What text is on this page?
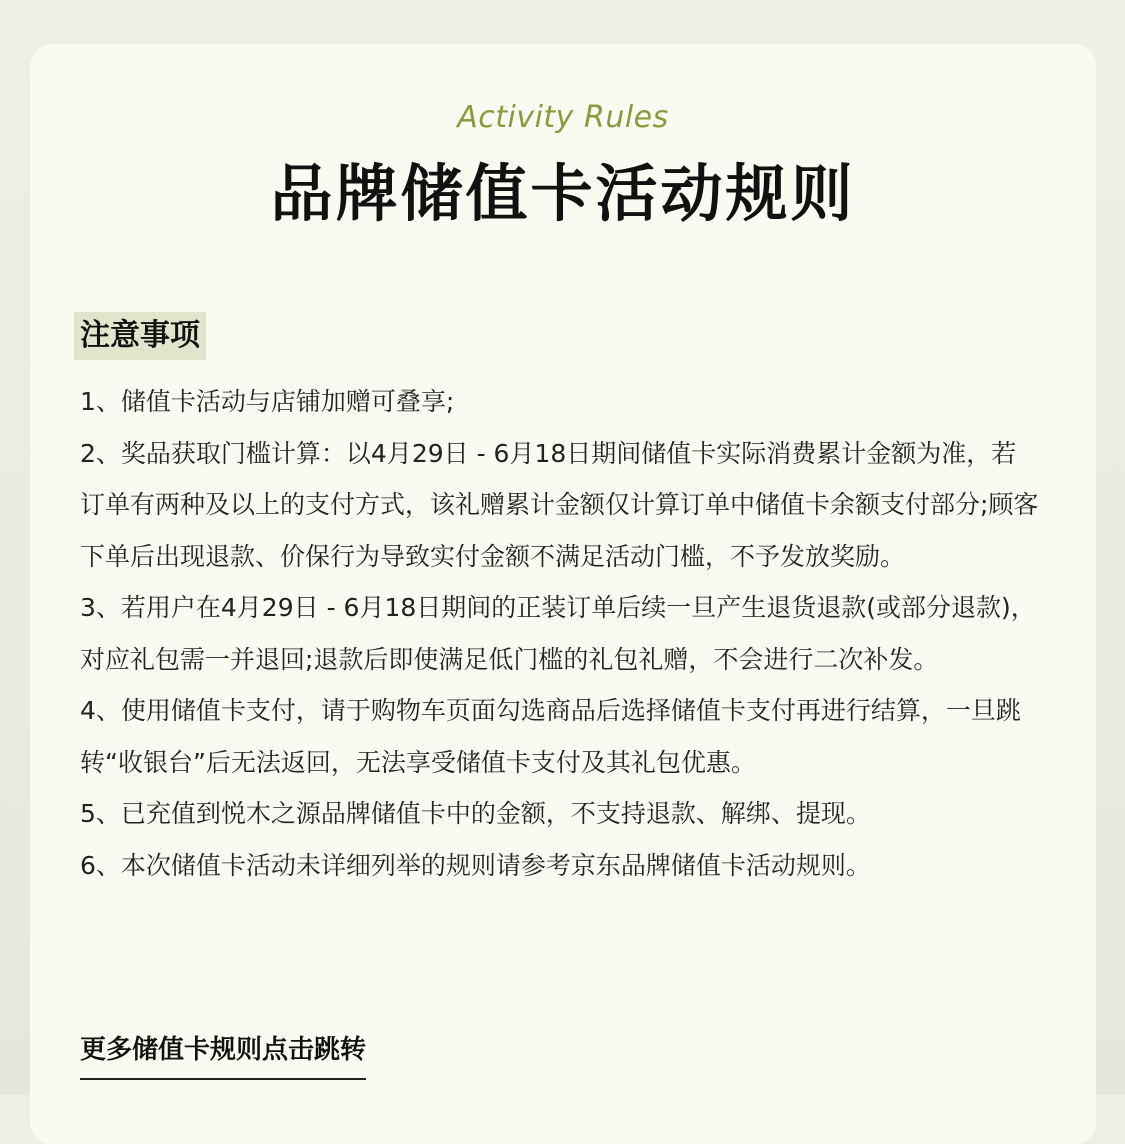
Activity Rules
品牌储值卡活动规则
注意事项
1、储值卡活动与店铺加赠可叠享;
2、奖品获取门槛计算：以4月29日 - 6月18日期间储值卡实际消费累计金额为准，若订单有两种及以上的支付方式，该礼赠累计金额仅计算订单中储值卡余额支付部分;顾客下单后出现退款、价保行为导致实付金额不满足活动门槛，不予发放奖励。
3、若用户在4月29日 - 6月18日期间的正装订单后续一旦产生退货退款(或部分退款)，对应礼包需一并退回;退款后即使满足低门槛的礼包礼赠，不会进行二次补发。
4、使用储值卡支付，请于购物车页面勾选商品后选择储值卡支付再进行结算，一旦跳转“收银台”后无法返回，无法享受储值卡支付及其礼包优惠。
5、已充值到悦木之源品牌储值卡中的金额，不支持退款、解绑、提现。
6、本次储值卡活动未详细列举的规则请参考京东品牌储值卡活动规则。
更多储值卡规则点击跳转
